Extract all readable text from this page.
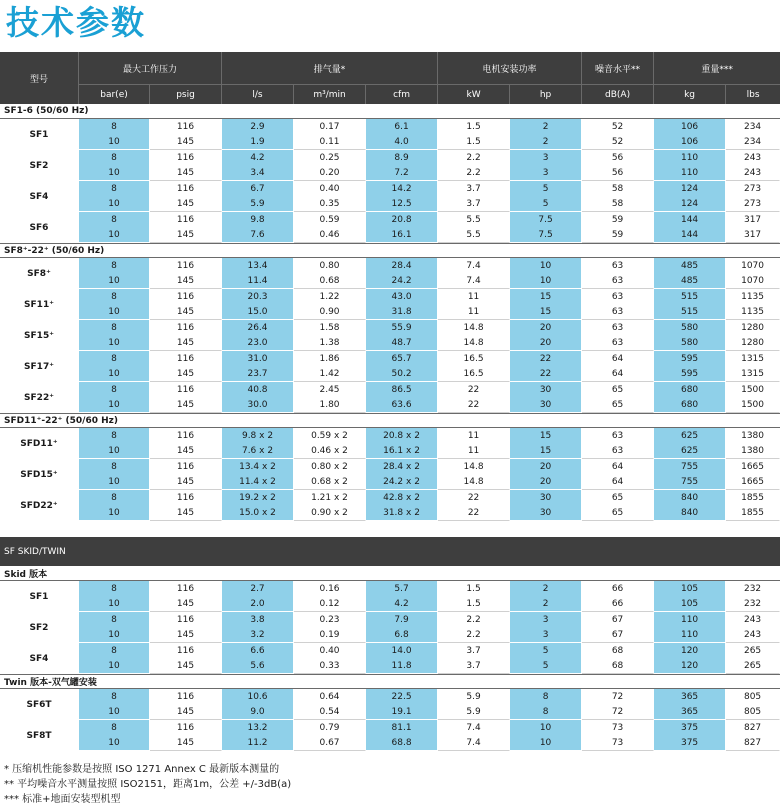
技术参数
型号	最大工作压力		排气量*			电机安装功率		噪音水平**	重量***	
	bar(e)	psig	l/s	m³/min	cfm	kW	hp	dB(A)	kg	lbs
SF1-6 (50/60 Hz)										
SF1	8	116	2.9	0.17	6.1	1.5	2	52	106	234
	10	145	1.9	0.11	4.0	1.5	2	52	106	234
SF2	8	116	4.2	0.25	8.9	2.2	3	56	110	243
	10	145	3.4	0.20	7.2	2.2	3	56	110	243
SF4	8	116	6.7	0.40	14.2	3.7	5	58	124	273
	10	145	5.9	0.35	12.5	3.7	5	58	124	273
SF6	8	116	9.8	0.59	20.8	5.5	7.5	59	144	317
	10	145	7.6	0.46	16.1	5.5	7.5	59	144	317
SF8⁺-22⁺ (50/60 Hz)										
SF8⁺	8	116	13.4	0.80	28.4	7.4	10	63	485	1070
	10	145	11.4	0.68	24.2	7.4	10	63	485	1070
SF11⁺	8	116	20.3	1.22	43.0	11	15	63	515	1135
	10	145	15.0	0.90	31.8	11	15	63	515	1135
SF15⁺	8	116	26.4	1.58	55.9	14.8	20	63	580	1280
	10	145	23.0	1.38	48.7	14.8	20	63	580	1280
SF17⁺	8	116	31.0	1.86	65.7	16.5	22	64	595	1315
	10	145	23.7	1.42	50.2	16.5	22	64	595	1315
SF22⁺	8	116	40.8	2.45	86.5	22	30	65	680	1500
	10	145	30.0	1.80	63.6	22	30	65	680	1500
SFD11⁺-22⁺ (50/60 Hz)										
SFD11⁺	8	116	9.8 x 2	0.59 x 2	20.8 x 2	11	15	63	625	1380
	10	145	7.6 x 2	0.46 x 2	16.1 x 2	11	15	63	625	1380
SFD15⁺	8	116	13.4 x 2	0.80 x 2	28.4 x 2	14.8	20	64	755	1665
	10	145	11.4 x 2	0.68 x 2	24.2 x 2	14.8	20	64	755	1665
SFD22⁺	8	116	19.2 x 2	1.21 x 2	42.8 x 2	22	30	65	840	1855
	10	145	15.0 x 2	0.90 x 2	31.8 x 2	22	30	65	840	1855

SF SKID/TWIN										
Skid 版本										
SF1	8	116	2.7	0.16	5.7	1.5	2	66	105	232
	10	145	2.0	0.12	4.2	1.5	2	66	105	232
SF2	8	116	3.8	0.23	7.9	2.2	3	67	110	243
	10	145	3.2	0.19	6.8	2.2	3	67	110	243
SF4	8	116	6.6	0.40	14.0	3.7	5	68	120	265
	10	145	5.6	0.33	11.8	3.7	5	68	120	265
Twin 版本-双气罐安装										
SF6T	8	116	10.6	0.64	22.5	5.9	8	72	365	805
	10	145	9.0	0.54	19.1	5.9	8	72	365	805
SF8T	8	116	13.2	0.79	81.1	7.4	10	73	375	827
	10	145	11.2	0.67	68.8	7.4	10	73	375	827
* 压缩机性能参数是按照 ISO 1271 Annex C 最新版本测量的
** 平均噪音水平测量按照 ISO2151，距离1m，公差 +/-3dB(a)
*** 标准+地面安装型机型
